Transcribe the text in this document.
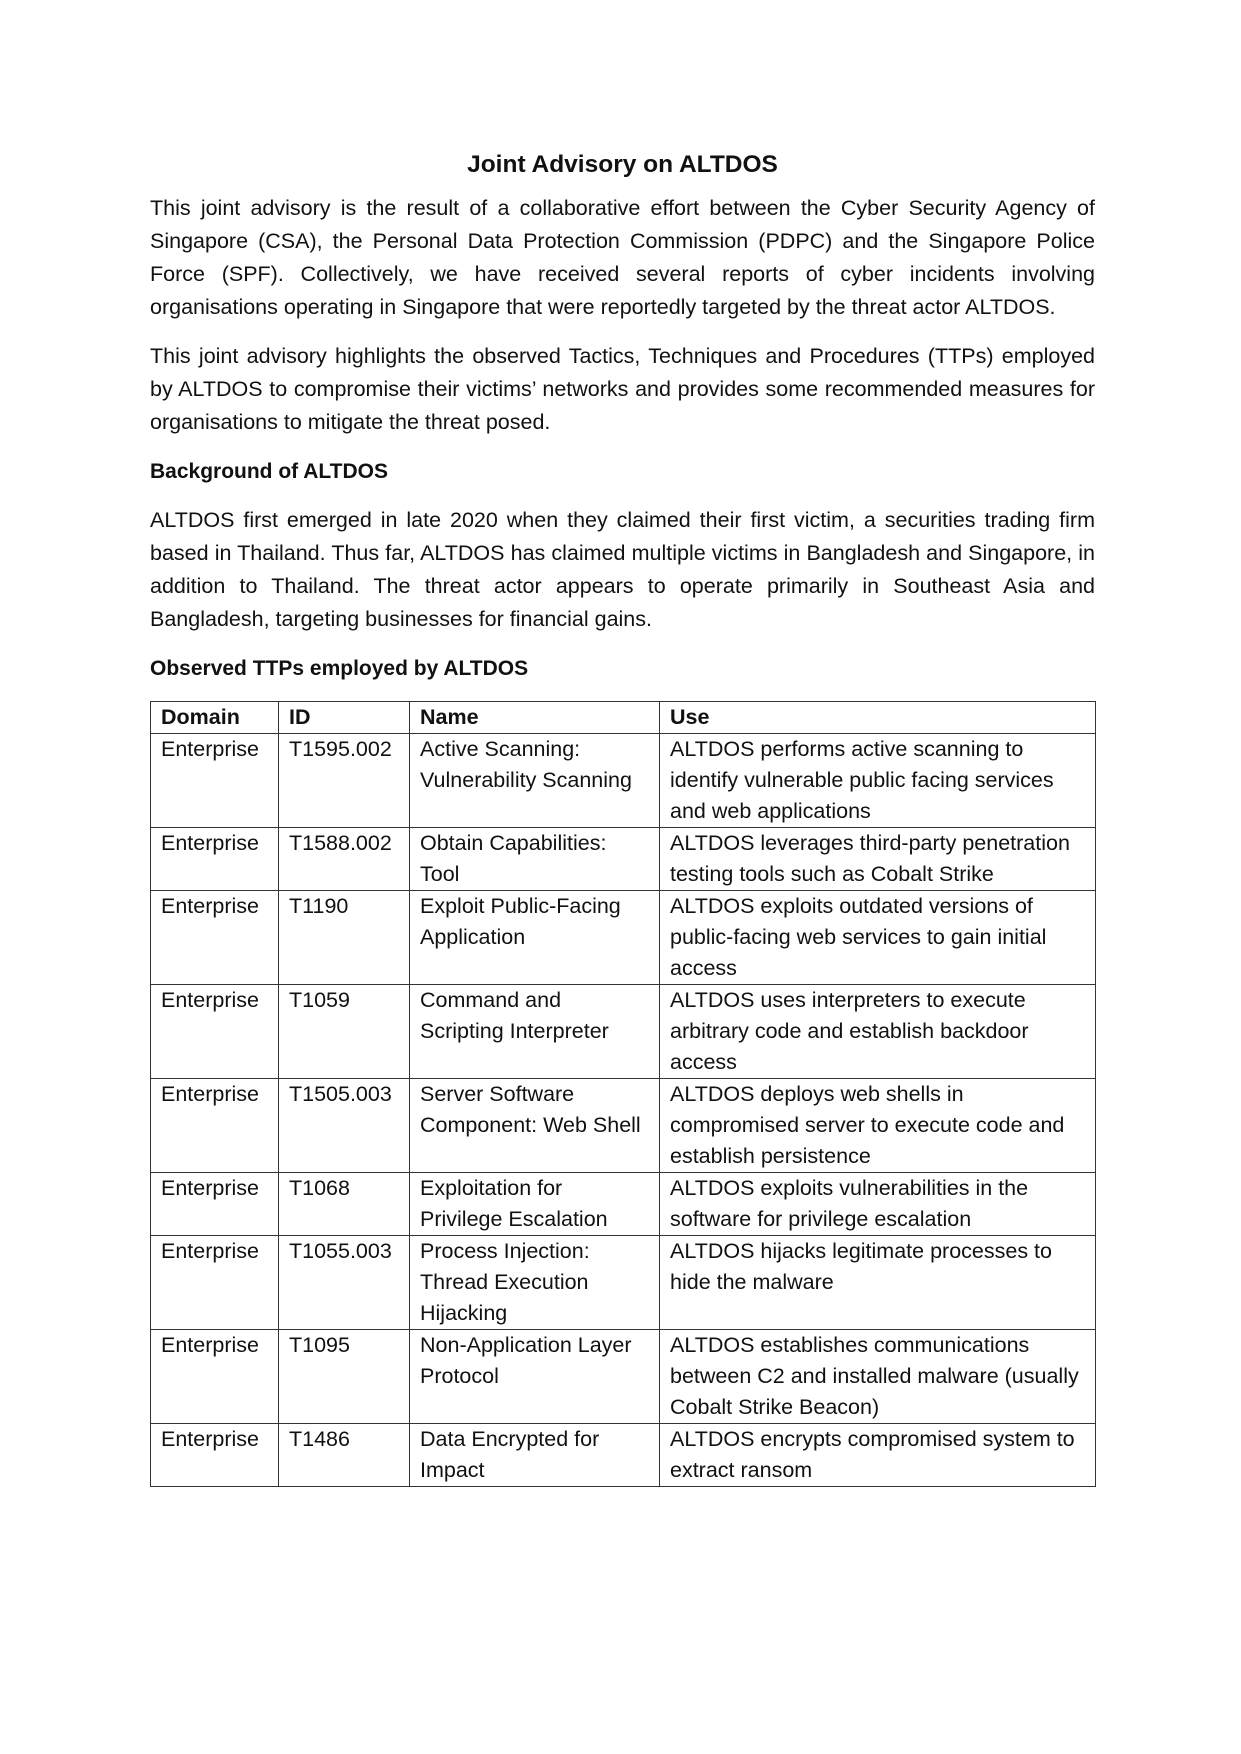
Joint Advisory on ALTDOS

This joint advisory is the result of a collaborative effort between the Cyber Security Agency of Singapore (CSA), the Personal Data Protection Commission (PDPC) and the Singapore Police Force (SPF). Collectively, we have received several reports of cyber incidents involving organisations operating in Singapore that were reportedly targeted by the threat actor ALTDOS.

This joint advisory highlights the observed Tactics, Techniques and Procedures (TTPs) employed by ALTDOS to compromise their victims’ networks and provides some recommended measures for organisations to mitigate the threat posed.

Background of ALTDOS

ALTDOS first emerged in late 2020 when they claimed their first victim, a securities trading firm based in Thailand. Thus far, ALTDOS has claimed multiple victims in Bangladesh and Singapore, in addition to Thailand. The threat actor appears to operate primarily in Southeast Asia and Bangladesh, targeting businesses for financial gains.

Observed TTPs employed by ALTDOS
Domain	ID	Name	Use
Enterprise	T1595.002	Active Scanning: Vulnerability Scanning	ALTDOS performs active scanning to identify vulnerable public facing services and web applications
Enterprise	T1588.002	Obtain Capabilities: Tool	ALTDOS leverages third-party penetration testing tools such as Cobalt Strike
Enterprise	T1190	Exploit Public-Facing Application	ALTDOS exploits outdated versions of public-facing web services to gain initial access
Enterprise	T1059	Command and Scripting Interpreter	ALTDOS uses interpreters to execute arbitrary code and establish backdoor access
Enterprise	T1505.003	Server Software Component: Web Shell	ALTDOS deploys web shells in compromised server to execute code and establish persistence
Enterprise	T1068	Exploitation for Privilege Escalation	ALTDOS exploits vulnerabilities in the software for privilege escalation
Enterprise	T1055.003	Process Injection: Thread Execution Hijacking	ALTDOS hijacks legitimate processes to hide the malware
Enterprise	T1095	Non-Application Layer Protocol	ALTDOS establishes communications between C2 and installed malware (usually Cobalt Strike Beacon)
Enterprise	T1486	Data Encrypted for Impact	ALTDOS encrypts compromised system to extract ransom
